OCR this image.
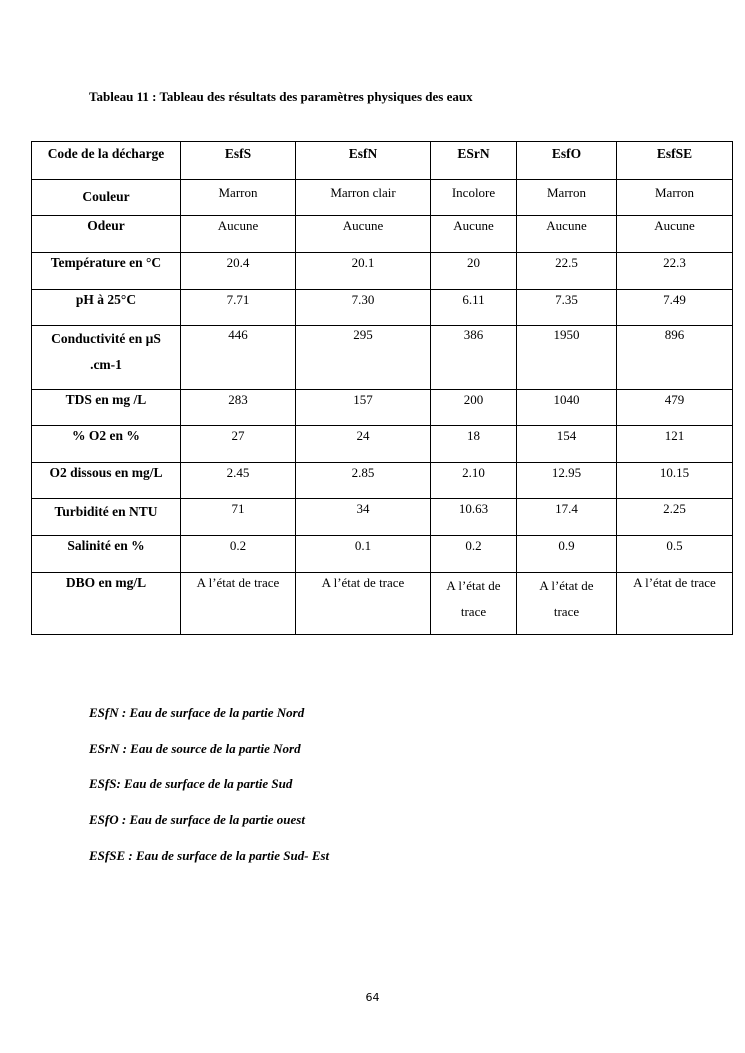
Tableau 11 : Tableau des résultats des paramètres physiques des eaux
Code de la décharge	EsfS	EsfN	ESrN	EsfO	EsfSE
Couleur	Marron	Marron clair	Incolore	Marron	Marron
Odeur	Aucune	Aucune	Aucune	Aucune	Aucune
Température en °C	20.4	20.1	20	22.5	22.3
pH à 25°C	7.71	7.30	6.11	7.35	7.49
Conductivité en µS .cm-1	446	295	386	1950	896
TDS en mg /L	283	157	200	1040	479
% O2 en %	27	24	18	154	121
O2 dissous en mg/L	2.45	2.85	2.10	12.95	10.15
Turbidité en NTU	71	34	10.63	17.4	2.25
Salinité en %	0.2	0.1	0.2	0.9	0.5
DBO en mg/L	A l’état de trace	A l’état de trace	A l’état de trace	A l’état de trace	A l’état de trace
ESfN : Eau de surface de la partie Nord
ESrN : Eau de source de la partie Nord
ESfS: Eau de surface de la partie Sud
ESfO : Eau de surface de la partie ouest
ESfSE : Eau de surface de la partie Sud- Est
64
